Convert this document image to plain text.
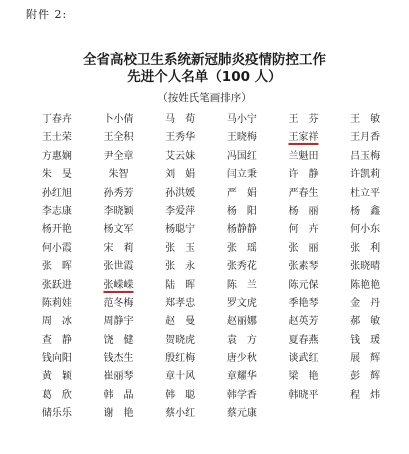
附件 2:
全省高校卫生系统新冠肺炎疫情防控工作
先进个人名单（100 人）
（按姓氏笔画排序）
丁春卉	卜小倩	马　荀	马小宁	王　芬	王　敏
王士荣	王全积	王秀华	王晓梅	王家祥	王月香
方惠娴	尹全章	艾云妹	冯国红	兰魁田	吕玉梅
朱　旻	朱智	刘　娟	闫立秉	许　静	许凯莉
孙红旭	孙秀芳	孙洪媛	严　娟	严春生	杜立平
李志康	李晓颖	李爱萍	杨　阳	杨　丽	杨　鑫
杨开艳	杨文军	杨聪宁	杨静静	何　卉	何小东
何小霞	宋　莉	张　玉	张　瑶	张　丽	张　利
张　晖	张世霞	张　永	张秀花	张素琴	张晓晴
张跃进	张嵘嵘	陆　晖	陈　兰	陈元保	陈艳艳
陈莉娃	范冬梅	郑孝忠	罗文虎	季艳琴	金　丹
周　冰	周静宇	赵　曼	赵丽娜	赵英芳	郝　敏
查　静	饶　健	贺晓虎	袁　方	夏春燕	钱　瑗
钱向阳	钱杰生	殷红梅	唐少秋	谈武红	展　辉
黄　颖	崔丽琴	章十风	章耀华	梁　艳	彭　辉
葛　欣	韩　晶	韩　聪	韩学香	韩晓平	程　炜
储乐乐	谢　艳	蔡小红	蔡元康
